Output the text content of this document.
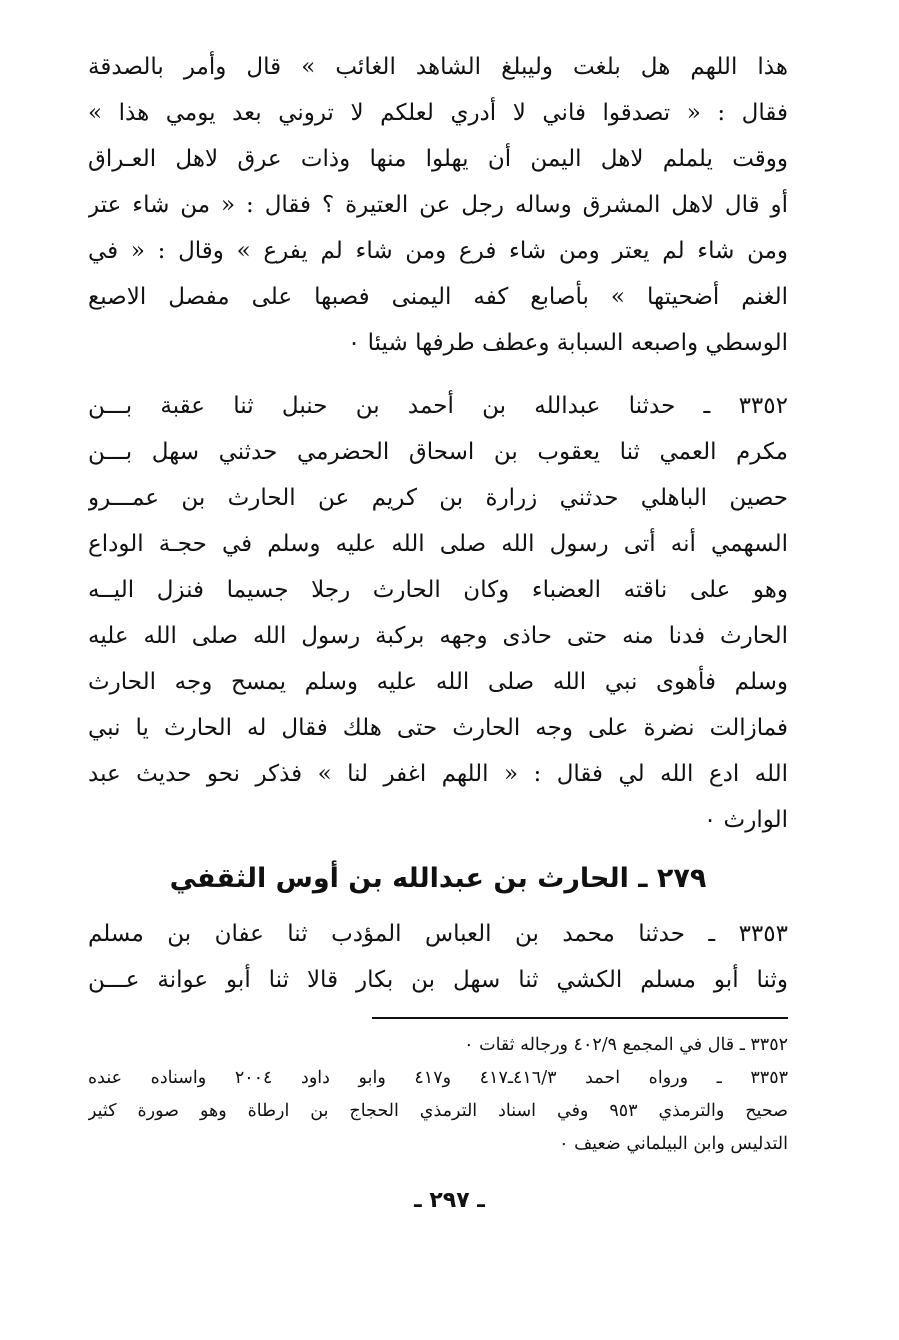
هذا اللهم هل بلغت وليبلغ الشاهد الغائب » قال وأمر بالصدقة
فقال : « تصدقوا فاني لا أدري لعلكم لا تروني بعد يومي هذا »
ووقت يلملم لاهل اليمن أن يهلوا منها وذات عرق لاهل العـراق
أو قال لاهل المشرق وساله رجل عن العتيرة ؟ فقال : « من شاء عتر
ومن شاء لم يعتر ومن شاء فرع ومن شاء لم يفرع » وقال : « في
الغنم أضحيتها » بأصابع كفه اليمنى فصبها على مفصل الاصبع
الوسطي واصبعه السبابة وعطف طرفها شيئا ٠
٣٣٥٢ ـ حدثنا عبدالله بن أحمد بن حنبل ثنا عقبة بـــن
مكرم العمي ثنا يعقوب بن اسحاق الحضرمي حدثني سهل بـــن
حصين الباهلي حدثني زرارة بن كريم عن الحارث بن عمـــرو
السهمي أنه أتى رسول الله صلى الله عليه وسلم في حجـة الوداع
وهو على ناقته العضباء وكان الحارث رجلا جسيما فنزل اليــه
الحارث فدنا منه حتى حاذى وجهه بركبة رسول الله صلى الله عليه
وسلم فأهوى نبي الله صلى الله عليه وسلم يمسح وجه الحارث
فمازالت نضرة على وجه الحارث حتى هلك فقال له الحارث يا نبي
الله ادع الله لي فقال : « اللهم اغفر لنا » فذكر نحو حديث عبد
الوارث ٠
٢٧٩ ـ الحارث بن عبدالله بن أوس الثقفي
٣٣٥٣ ـ حدثنا محمد بن العباس المؤدب ثنا عفان بن مسلم
وثنا أبو مسلم الكشي ثنا سهل بن بكار قالا ثنا أبو عوانة عـــن
٣٣٥٢ ـ قال في المجمع ٤٠٢/٩ ورجاله ثقات ٠
٣٣٥٣ ـ ورواه احمد ٤١٦/٣ـ٤١٧ و٤١٧ وابو داود ٢٠٠٤ واسناده عنده
صحيح والترمذي ٩٥٣ وفي اسناد الترمذي الحجاج بن ارطاة وهو صورة كثير
التدليس وابن البيلماني ضعيف ٠
ـ ٢٩٧ ـ
